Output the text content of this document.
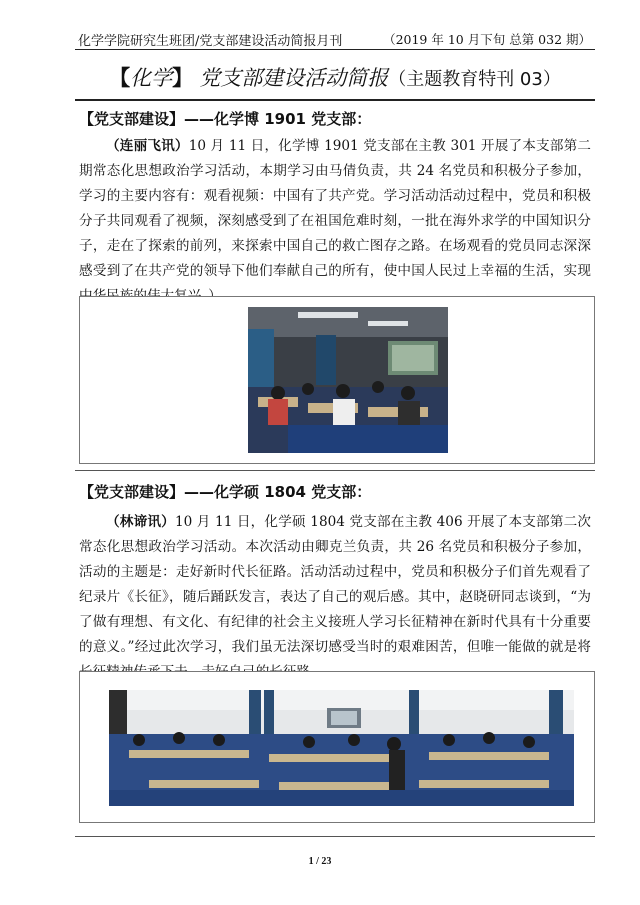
化学学院研究生班团/党支部建设活动简报月刊	（2019 年 10 月下旬 总第 032 期）
【化学】 党支部建设活动简报（主题教育特刊 03）
【党支部建设】——化学博 1901 党支部：
（连丽飞讯）10 月 11 日，化学博 1901 党支部在主教 301 开展了本支部第二期常态化思想政治学习活动，本期学习由马倩负责，共 24 名党员和积极分子参加，学习的主要内容有：观看视频：中国有了共产党。学习活动活动过程中，党员和积极分子共同观看了视频，深刻感受到了在祖国危难时刻，一批在海外求学的中国知识分子，走在了探索的前列，来探索中国自己的救亡图存之路。在场观看的党员同志深深感受到了在共产党的领导下他们奉献自己的所有，使中国人民过上幸福的生活，实现
【党支部建设】——化学硕 1804 党支部：
（林谛讯）10 月 11 日，化学硕 1804 党支部在主教 406 开展了本支部第二次常态化思想政治学习活动。本次活动由卿克兰负责，共 26 名党员和积极分子参加，活动的主题是：走好新时代长征路。活动活动过程中，党员和积极分子们首先观看了纪录片《长征》，随后踊跃发言，表达了自己的观后感。其中，赵晓研同志谈到，“为了做有理想、有文化、有纪律的社会主义接班人学习长征精神在新时代具有十分重要的意义。”经过此次学习，我们虽无法深切感受当时的艰难困苦，但唯一能做的就是将
1 / 23
